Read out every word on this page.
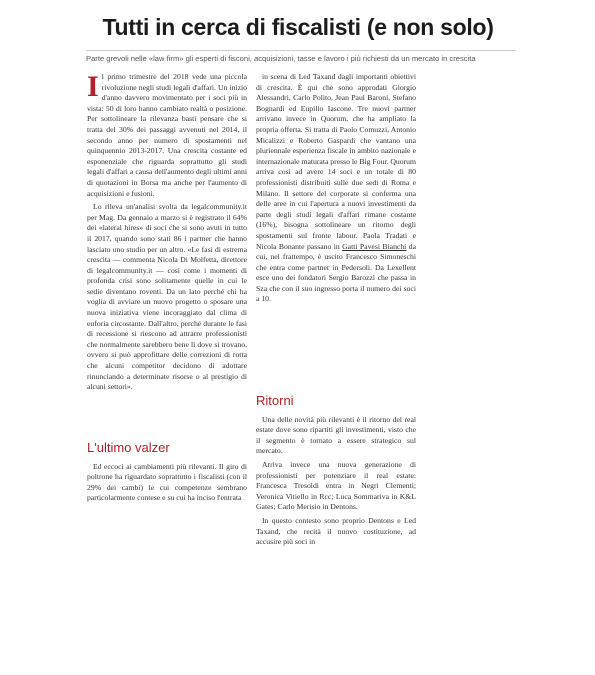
Tutti in cerca di fiscalisti (e non solo)
Parte grevoli nelle «law firm» gli esperti di fisconi, acquisizioni, tasse e lavoro i più richiesti da un mercato in crescita

I l primo trimestre del 2018 vede una piccola rivoluzione negli studi legali d'affari. Un inizio d'anno davvero movimentato per i soci più in vista: 50 di loro hanno cambiato realtà o posizione. Per sottolineare la rilevanza basti pensare che si tratta del 30% dei passaggi avvenuti nel 2014, il secondo anno per numero di spostamenti nel quinquennio 2013-2017. Una crescita costante ed esponenziale che riguarda soprattutto gli studi legali d'affari a causa dell'aumento degli ultimi anni di quotazioni in Borsa ma anche per l'aumento di acquisizioni e fusioni.

Lo rileva un'analisi svolta da legalcommunity.it per Mag. Da gennaio a marzo si è registrato il 64% dei «lateral hires» di soci che si sono avuti in tutto il 2017, quando sono stati 86 i partner che hanno lasciato uno studio per un altro. «Le fasi di estrema crescita — commenta Nicola Di Molfetta, direttore di legalcommunity.it — così come i momenti di profonda crisi sono solitamente quelle in cui le sedie diventano roventi. Da un lato perché chi ha voglia di avviare un nuovo progetto o sposare una nuova iniziativa viene incoraggiato dal clima di euforia circostante. Dall'altro, perché durante le fasi di recessione si riescono ad attrarre professionisti che normalmente sarebbero bene lì dove si trovano, ovvero si può approfittare delle correzioni di rotta che alcuni competitor decidono di adottare rinunciando a determinate risorse o al prestigio di alcuni settori».

L'ultimo valzer

Ed eccoci ai cambiamenti più rilevanti. Il giro di poltrone ha riguardato soprattutto i fiscalisti (con il 29% dei cambi) le cui competenze sembrano particolarmente contese e su cui ha inciso l'entrata

in scena di Led Taxand dagli importanti obiettivi di crescita. È qui che sono approdati Giorgio Alessandri, Carlo Polito, Jean Paul Baroni, Stefano Bognardi ed Eupilio Iascone. Tre nuovi partner arrivano invece in Quorum, che ha ampliato la propria offerta. Si tratta di Paolo Comuzzi, Antonio Micalizzi e Roberto Gaspardi che vantano una pluriennale esperienza fiscale in ambito nazionale e internazionale maturata presso le Big Four. Quorum arriva così ad avere 14 soci e un totale di 80 professionisti distribuiti sulle due sedi di Roma e Milano. Il settore del corporate si conferma una delle aree in cui l'apertura a nuovi investimenti da parte degli studi legali d'affari rimane costante (16%), bisogna sottolineare un ritorno degli spostamenti sul fronte labour. Paola Tradati e Nicola Bonante passano in Gatti Pavesi Bianchi da cui, nel frattempo, è uscito Francesco Simoneschi che entra come partner in Pedersoli. Da Lexellent esce uno dei fondatori Sergio Barozzi che passa in Sza che con il suo ingresso porta il numero dei soci a 10.

Ritorni

Una delle novità più rilevanti è il ritorno del real estate dove sono ripartiti gli investimenti, visto che il segmento è tornato a essere strategico sul mercato.

Arriva invece una nuova generazione di professionisti per potenziare il real estate: Francesca Tresoldi entra in Negri Clementi; Veronica Vitiello in Rcc; Luca Sommariva in K&L Gates; Carlo Merisio in Dentons.

In questo contesto sono proprio Dentons e Led Taxand, che recità il nuovo costituzione, ad accusire più soci in
